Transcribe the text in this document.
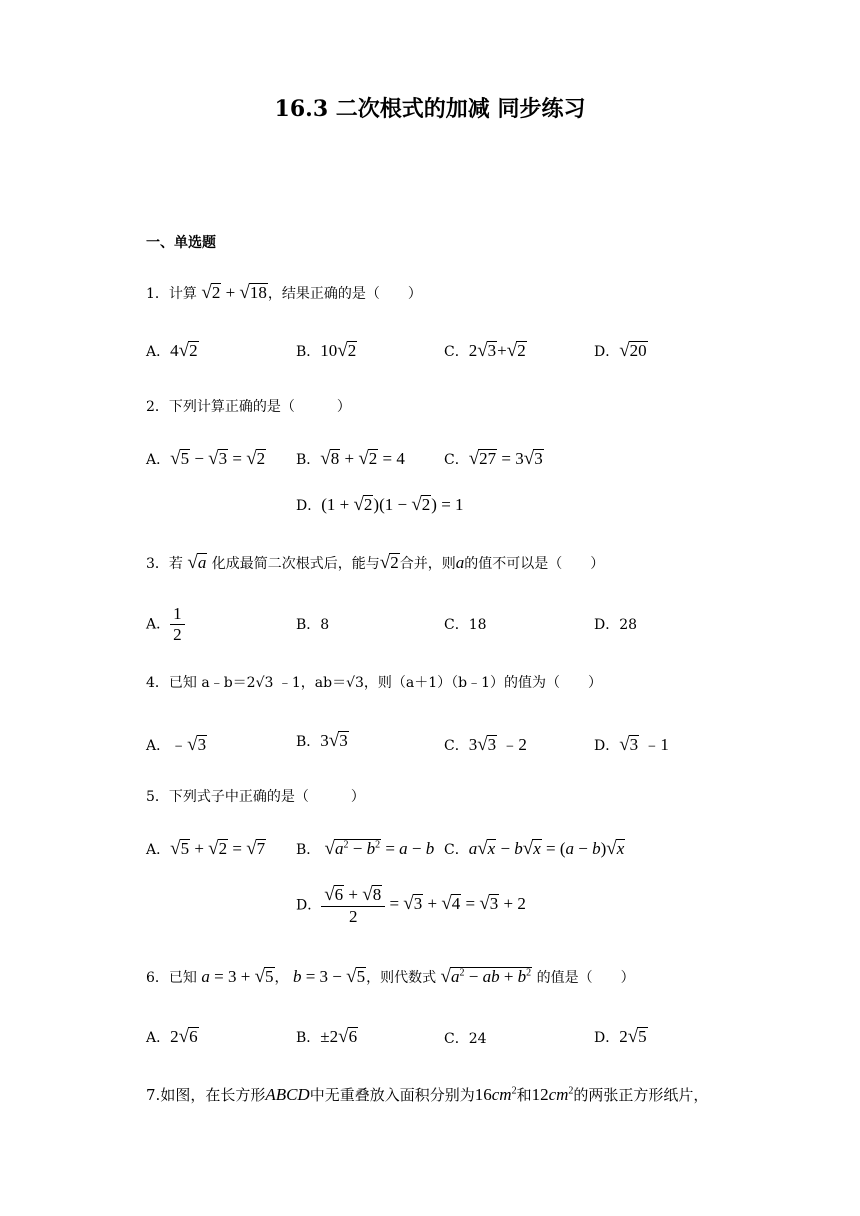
16.3 二次根式的加减 同步练习
一、单选题
1．计算 √2 + √18，结果正确的是（　　）
A．4√2	B．10√2	C．2√3+√2	D．√20
2．下列计算正确的是（　　　）
A．√5 − √3 = √2 B．√8 + √2 = 4	C．√27 = 3√3
D．(1 + √2)(1 − √2) = 1
3．若 √a 化成最简二次根式后，能与√2合并，则a的值不可以是（　　）
A． $\frac{1}{2}$	B．8	C．18	D．28
4．已知 a﹣b＝2√3 ﹣1，ab＝√3，则（a＋1）（b﹣1）的值为（　　）
A．﹣√3	B．3√3	C．3√3 ﹣2	D．√3 ﹣1
5．下列式子中正确的是（　　　）
A．√5 + √2 = √7 B． $√a^2 - b^2 = a - b$ C．a√x − b√x = (a − b)√x
D． $\frac{√6 + √8}{2} = √3 + √4 = √3 + 2$
6．已知 a = 3 + √5， b = 3 − √5，则代数式 $√a^2$ − ab + $b^2$ 的值是（　　）
A．2√6	B．±2√6	C．24	D．2√5
7.如图，在长方形ABCD中无重叠放入面积分别为$16cm^2$和$12cm^2$的两张正方形纸片，
